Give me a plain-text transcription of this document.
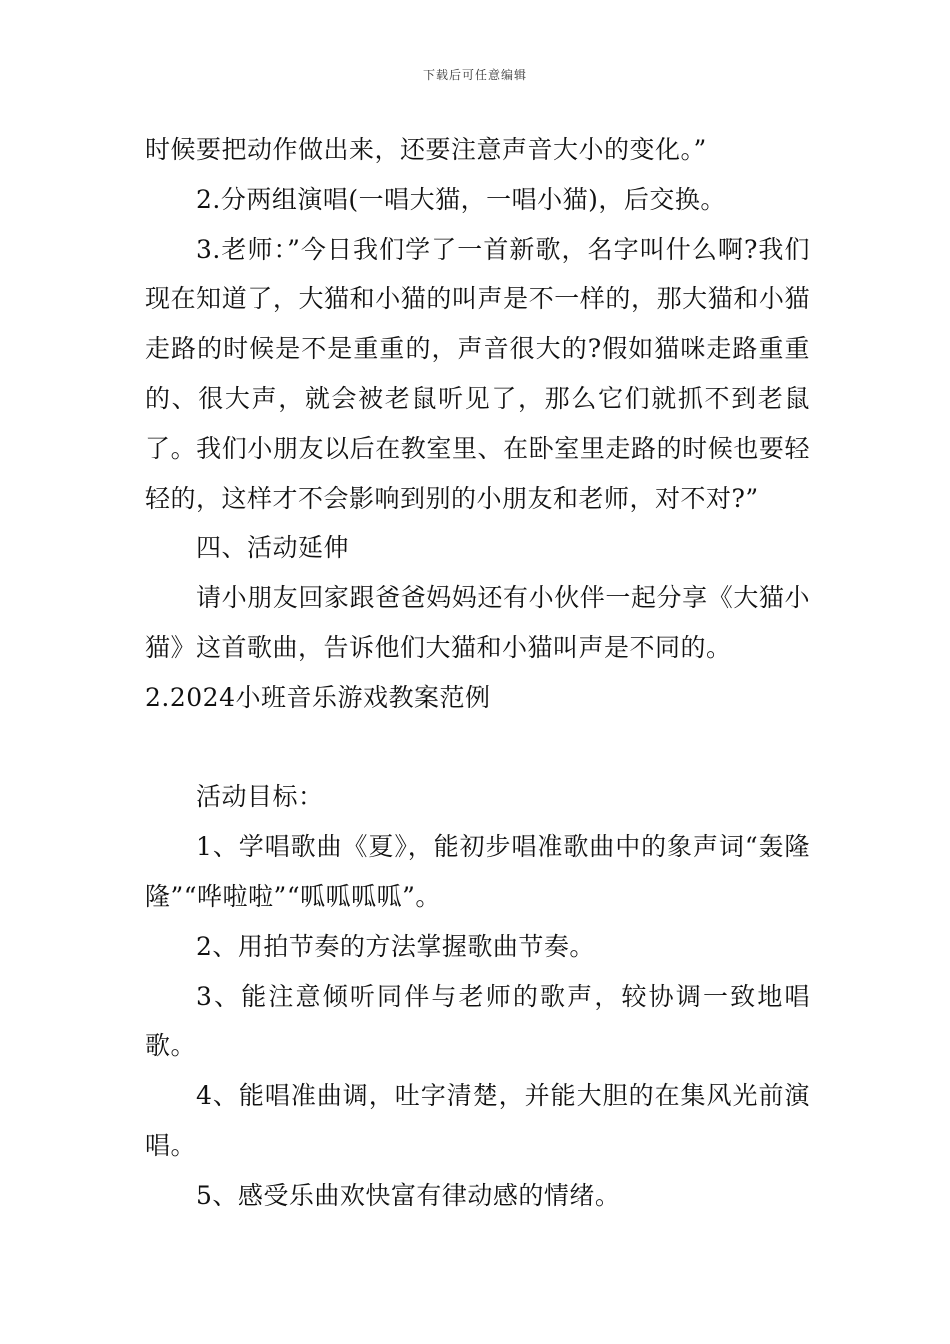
下载后可任意编辑

时候要把动作做出来，还要注意声音大小的变化。”

2.分两组演唱(一唱大猫，一唱小猫)，后交换。

3.老师：”今日我们学了一首新歌，名字叫什么啊?我们现在知道了，大猫和小猫的叫声是不一样的，那大猫和小猫走路的时候是不是重重的，声音很大的?假如猫咪走路重重的、很大声，就会被老鼠听见了，那么它们就抓不到老鼠了。我们小朋友以后在教室里、在卧室里走路的时候也要轻轻的，这样才不会影响到别的小朋友和老师，对不对?”

四、活动延伸

请小朋友回家跟爸爸妈妈还有小伙伴一起分享《大猫小猫》这首歌曲，告诉他们大猫和小猫叫声是不同的。

2.2024小班音乐游戏教案范例

活动目标：

1、学唱歌曲《夏》，能初步唱准歌曲中的象声词“轰隆隆”“哗啦啦”“呱呱呱呱”。

2、用拍节奏的方法掌握歌曲节奏。

3、能注意倾听同伴与老师的歌声，较协调一致地唱歌。

4、能唱准曲调，吐字清楚，并能大胆的在集风光前演唱。

5、感受乐曲欢快富有律动感的情绪。
